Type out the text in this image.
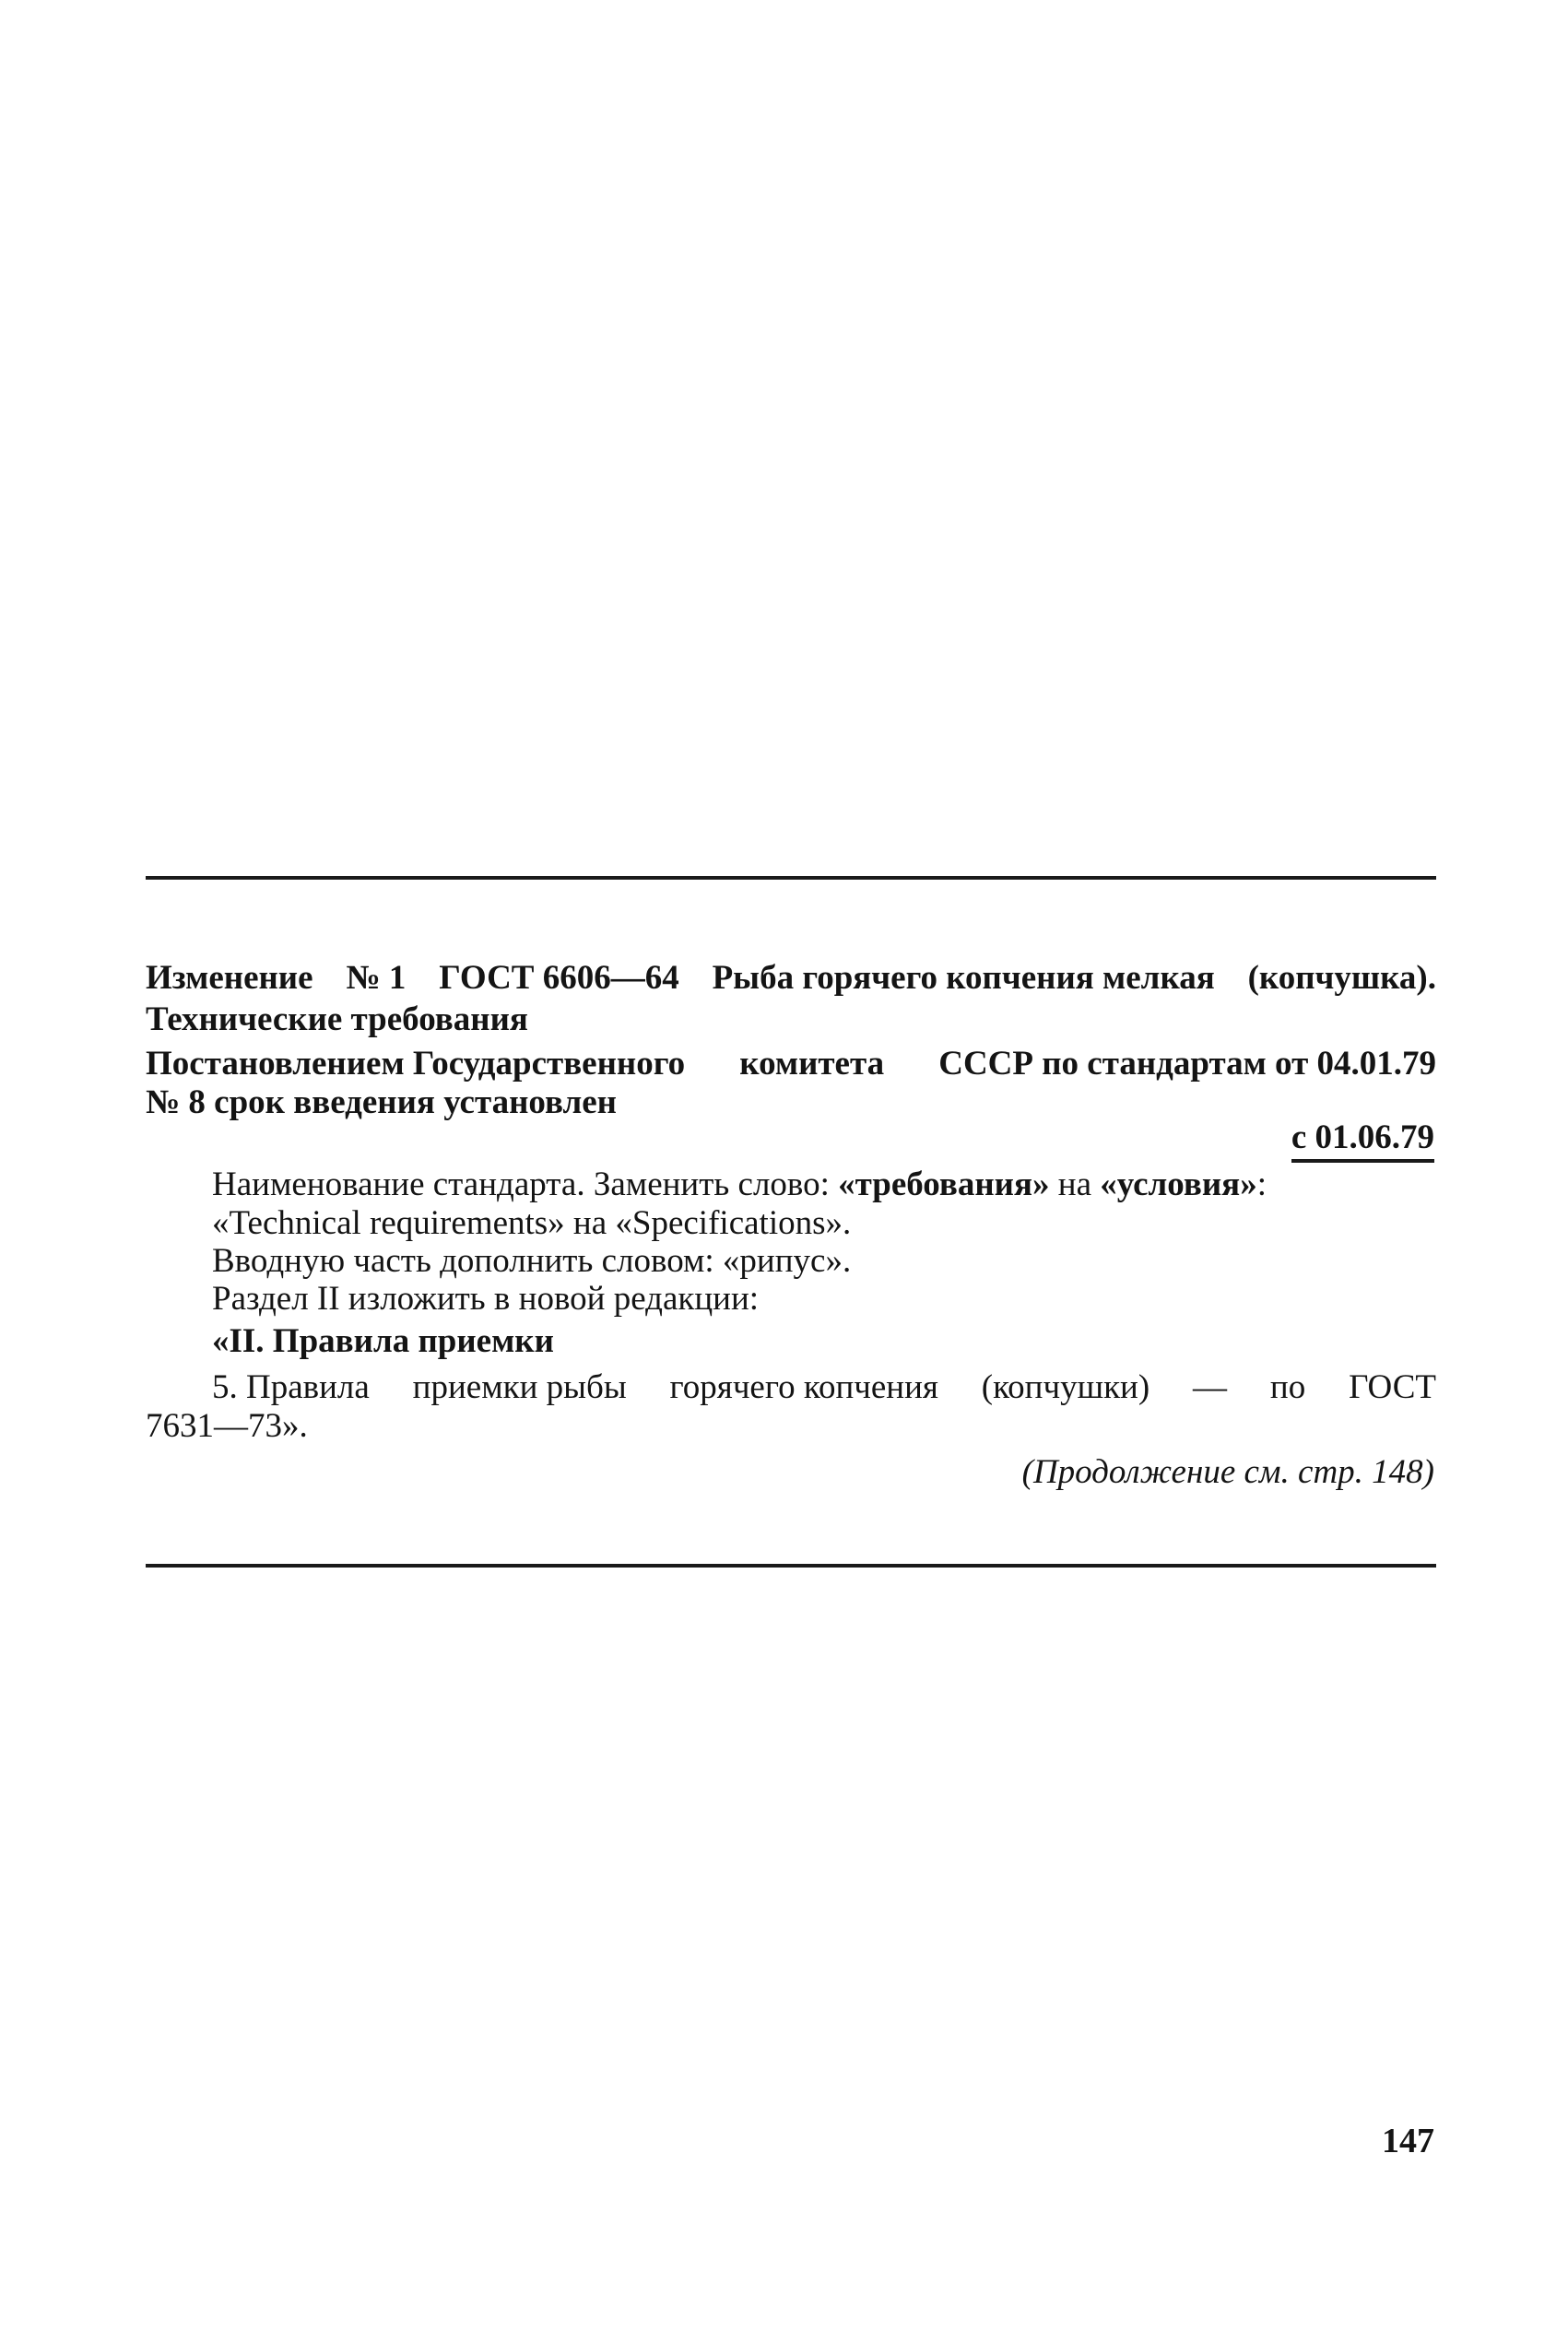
Изменение № 1 ГОСТ 6606—64 Рыба горячего копчения мелкая (копчушка).
Технические требования
Постановлением Государственного комитета СССР по стандартам от 04.01.79
№ 8 срок введения установлен
с 01.06.79
Наименование стандарта. Заменить слово: «требования» на «условия»:
«Technical requirements» на «Specifications».
Вводную часть дополнить словом: «рипус».
Раздел II изложить в новой редакции:
«II. Правила приемки
5. Правила приемки рыбы горячего копчения (копчушки) — по ГОСТ
7631—73».
(Продолжение см. стр. 148)
147
